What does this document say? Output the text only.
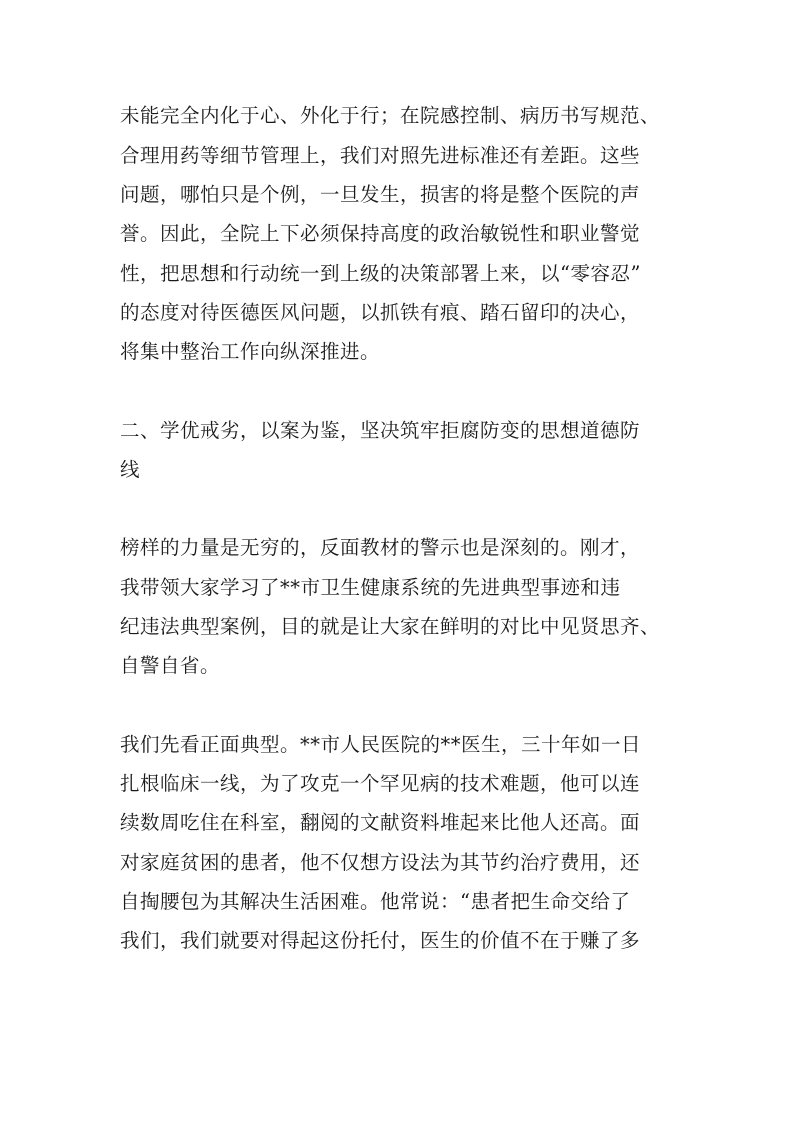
未能完全内化于心、外化于行；在院感控制、病历书写规范、
合理用药等细节管理上，我们对照先进标准还有差距。这些
问题，哪怕只是个例，一旦发生，损害的将是整个医院的声
誉。因此，全院上下必须保持高度的政治敏锐性和职业警觉
性，把思想和行动统一到上级的决策部署上来，以“零容忍”
的态度对待医德医风问题，以抓铁有痕、踏石留印的决心，
将集中整治工作向纵深推进。
二、学优戒劣，以案为鉴，坚决筑牢拒腐防变的思想道德防
线
榜样的力量是无穷的，反面教材的警示也是深刻的。刚才，
我带领大家学习了**市卫生健康系统的先进典型事迹和违
纪违法典型案例，目的就是让大家在鲜明的对比中见贤思齐、
自警自省。
我们先看正面典型。**市人民医院的**医生，三十年如一日
扎根临床一线，为了攻克一个罕见病的技术难题，他可以连
续数周吃住在科室，翻阅的文献资料堆起来比他人还高。面
对家庭贫困的患者，他不仅想方设法为其节约治疗费用，还
自掏腰包为其解决生活困难。他常说：“患者把生命交给了
我们，我们就要对得起这份托付，医生的价值不在于赚了多
